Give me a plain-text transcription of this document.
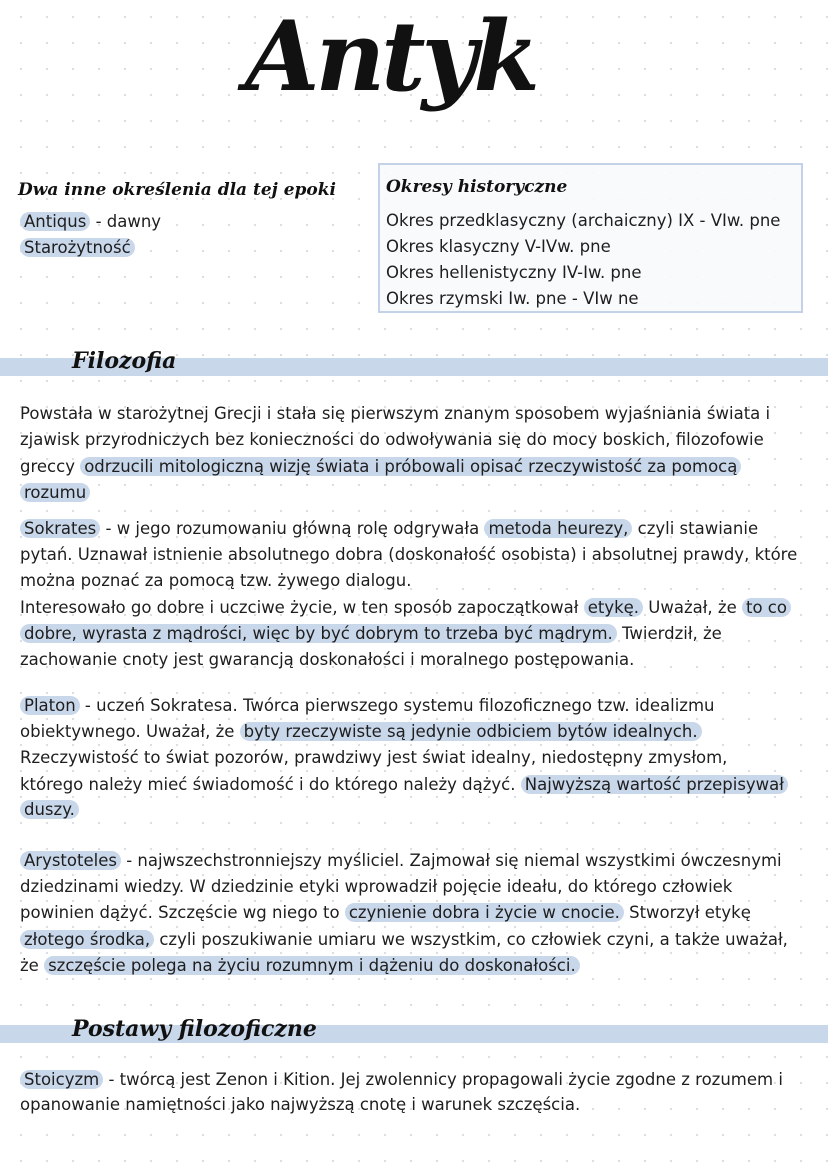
Antyk
Dwa inne określenia dla tej epoki
Antiqus - dawny
Starożytność
Okresy historyczne
Okres przedklasyczny (archaiczny) IX - VIw. pne
Okres klasyczny V-IVw. pne
Okres hellenistyczny IV-Iw. pne
Okres rzymski Iw. pne - VIw ne
Filozofia
Postawy filozoficzne
Powstała w starożytnej Grecji i stała się pierwszym znanym sposobem wyjaśniania świata i
zjawisk przyrodniczych bez konieczności do odwoływania się do mocy boskich, filozofowie
greccy odrzucili mitologiczną wizję świata i próbowali opisać rzeczywistość za pomocą
rozumu
Sokrates - w jego rozumowaniu główną rolę odgrywała metoda heurezy, czyli stawianie
pytań. Uznawał istnienie absolutnego dobra (doskonałość osobista) i absolutnej prawdy, które
można poznać za pomocą tzw. żywego dialogu.
Interesowało go dobre i uczciwe życie, w ten sposób zapoczątkował etykę. Uważał, że to co
dobre, wyrasta z mądrości, więc by być dobrym to trzeba być mądrym. Twierdził, że
zachowanie cnoty jest gwarancją doskonałości i moralnego postępowania.
Platon - uczeń Sokratesa. Twórca pierwszego systemu filozoficznego tzw. idealizmu
obiektywnego. Uważał, że byty rzeczywiste są jedynie odbiciem bytów idealnych.
Rzeczywistość to świat pozorów, prawdziwy jest świat idealny, niedostępny zmysłom,
którego należy mieć świadomość i do którego należy dążyć. Najwyższą wartość przepisywał
duszy.
Arystoteles - najwszechstronniejszy myśliciel. Zajmował się niemal wszystkimi ówczesnymi
dziedzinami wiedzy. W dziedzinie etyki wprowadził pojęcie ideału, do którego człowiek
powinien dążyć. Szczęście wg niego to czynienie dobra i życie w cnocie. Stworzył etykę
złotego środka, czyli poszukiwanie umiaru we wszystkim, co człowiek czyni, a także uważał,
że szczęście polega na życiu rozumnym i dążeniu do doskonałości.
Stoicyzm - twórcą jest Zenon i Kition. Jej zwolennicy propagowali życie zgodne z rozumem i
opanowanie namiętności jako najwyższą cnotę i warunek szczęścia.
